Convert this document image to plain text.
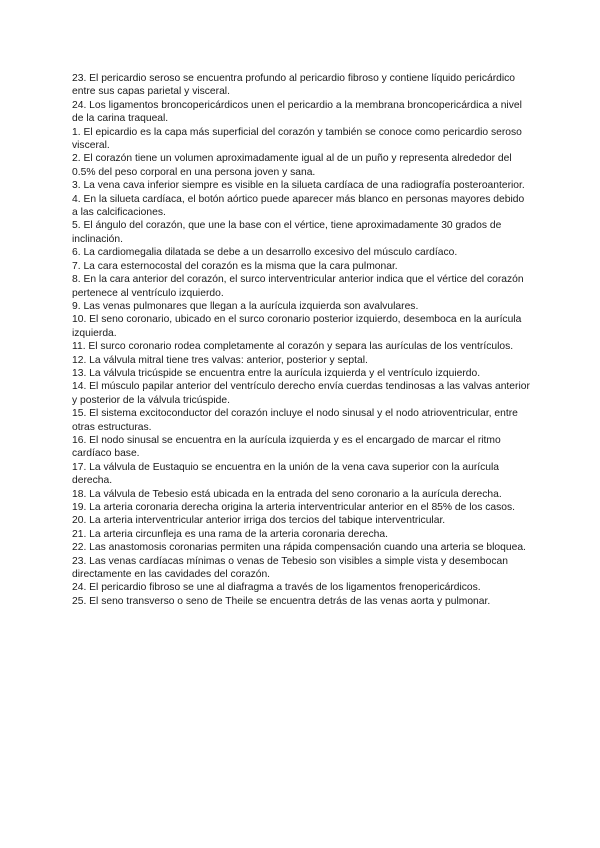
23. El pericardio seroso se encuentra profundo al pericardio fibroso y contiene líquido pericárdico entre sus capas parietal y visceral.
24. Los ligamentos broncopericárdicos unen el pericardio a la membrana broncopericárdica a nivel de la carina traqueal.
1. El epicardio es la capa más superficial del corazón y también se conoce como pericardio seroso visceral.
2. El corazón tiene un volumen aproximadamente igual al de un puño y representa alrededor del 0.5% del peso corporal en una persona joven y sana.
3. La vena cava inferior siempre es visible en la silueta cardíaca de una radiografía posteroanterior.
4. En la silueta cardíaca, el botón aórtico puede aparecer más blanco en personas mayores debido a las calcificaciones.
5. El ángulo del corazón, que une la base con el vértice, tiene aproximadamente 30 grados de inclinación.
6. La cardiomegalia dilatada se debe a un desarrollo excesivo del músculo cardíaco.
7. La cara esternocostal del corazón es la misma que la cara pulmonar.
8. En la cara anterior del corazón, el surco interventricular anterior indica que el vértice del corazón pertenece al ventrículo izquierdo.
9. Las venas pulmonares que llegan a la aurícula izquierda son avalvulares.
10. El seno coronario, ubicado en el surco coronario posterior izquierdo, desemboca en la aurícula izquierda.
11. El surco coronario rodea completamente al corazón y separa las aurículas de los ventrículos.
12. La válvula mitral tiene tres valvas: anterior, posterior y septal.
13. La válvula tricúspide se encuentra entre la aurícula izquierda y el ventrículo izquierdo.
14. El músculo papilar anterior del ventrículo derecho envía cuerdas tendinosas a las valvas anterior y posterior de la válvula tricúspide.
15. El sistema excitoconductor del corazón incluye el nodo sinusal y el nodo atrioventricular, entre otras estructuras.
16. El nodo sinusal se encuentra en la aurícula izquierda y es el encargado de marcar el ritmo cardíaco base.
17. La válvula de Eustaquio se encuentra en la unión de la vena cava superior con la aurícula derecha.
18. La válvula de Tebesio está ubicada en la entrada del seno coronario a la aurícula derecha.
19. La arteria coronaria derecha origina la arteria interventricular anterior en el 85% de los casos.
20. La arteria interventricular anterior irriga dos tercios del tabique interventricular.
21. La arteria circunfleja es una rama de la arteria coronaria derecha.
22. Las anastomosis coronarias permiten una rápida compensación cuando una arteria se bloquea.
23. Las venas cardíacas mínimas o venas de Tebesio son visibles a simple vista y desembocan directamente en las cavidades del corazón.
24. El pericardio fibroso se une al diafragma a través de los ligamentos frenopericárdicos.
25. El seno transverso o seno de Theile se encuentra detrás de las venas aorta y pulmonar.
